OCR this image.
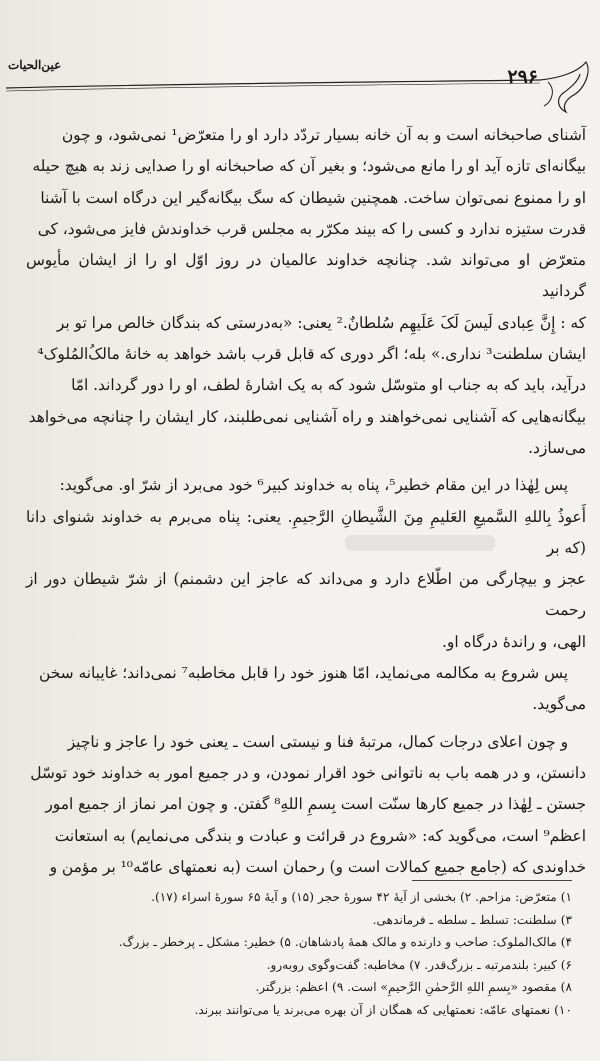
عین‌الحیات
۲۹۶

آشنای صاحبخانه است و به آن خانه بسیار تردّد دارد او را متعرّض¹ نمی‌شود، و چون

بیگانه‌ای تازه آید او را مانع می‌شود؛ و بغیر آن که صاحبخانه او را صدایی زند به هیچ حیله

او را ممنوع نمی‌توان ساخت. همچنین شیطان که سگ بیگانه‌گیر این درگاه است با آشنا

قدرت ستیزه ندارد و کسی را که بیند مکرّر به مجلس قرب خداوندش فایز می‌شود، کی

متعرّض او می‌تواند شد. چنانچه خداوند عالمیان در روز اوّل او را از ایشان مأیوس گردانید

که : إِنَّ عِبادی لَیسَ لَکَ عَلَیهِم سُلطانٌ.² یعنی: «به‌درستی که بندگان خالص مرا تو بر

ایشان سلطنت³ نداری.» بله؛ اگر دوری که قابل قرب باشد خواهد به خانهٔ مالکُ‌المُلوک⁴

درآید، باید که به جناب او متوسّل شود که به یک اشارهٔ لطف، او را دور گرداند. امّا

بیگانه‌هایی که آشنایی نمی‌خواهند و راه آشنایی نمی‌طلبند، کار ایشان را چنانچه می‌خواهد

می‌سازد.

پس لِهٰذا در این مقام خطیر⁵، پناه به خداوند کبیر⁶ خود می‌برد از شرّ او. می‌گوید:

أَعوذُ بِاللهِ السَّمیعِ العَلیمِ مِنَ الشَّیطانِ الرَّجیمِ. یعنی: پناه می‌برم به خداوند شنوای دانا (که بر

عجز و بیچارگی من اطّلاع دارد و می‌داند که عاجز این دشمنم) از شرّ شیطان دور از رحمت

الهی، و راندهٔ درگاه او.

پس شروع به مکالمه می‌نماید، امّا هنوز خود را قابل مخاطبه⁷ نمی‌داند؛ غایبانه سخن

می‌گوید.

و چون اعلای درجات کمال، مرتبهٔ فنا و نیستی است ـ یعنی خود را عاجز و ناچیز

دانستن، و در همه باب به ناتوانی خود اقرار نمودن، و در جمیع امور به خداوند خود توسّل

جستن ـ لِهٰذا در جمیع کارها سنّت است بِسمِ اللهِ⁸ گفتن. و چون امر نماز از جمیع امور

اعظم⁹ است، می‌گوید که: «شروع در قرائت و عبادت و بندگی می‌نمایم) به استعانت

خداوندی که (جامع جمیع کمالات است و) رحمان است (به نعمتهای عامّه¹⁰ بر مؤمن و

۱) متعرّض: مزاحم. ۲) بخشی از آیهٔ ۴۲ سورهٔ حجر (۱۵) و آیهٔ ۶۵ سورهٔ اسراء (۱۷).
۳) سلطنت: تسلط ـ سلطه ـ فرماندهی.
۴) مالک‌الملوک: صاحب و دارنده و مالک همهٔ پادشاهان. ۵) خطیر: مشکل ـ پرخطر ـ بزرگ.
۶) کبیر: بلندمرتبه ـ بزرگ‌قدر. ۷) مخاطبه: گفت‌وگوی روبه‌رو.
۸) مقصود «بِسمِ اللهِ الرَّحمٰنِ الرَّحیمِ» است. ۹) اعظم: بزرگتر.
۱۰) نعمتهای عامّه: نعمتهایی که همگان از آن بهره می‌برند یا می‌توانند ببرند.
